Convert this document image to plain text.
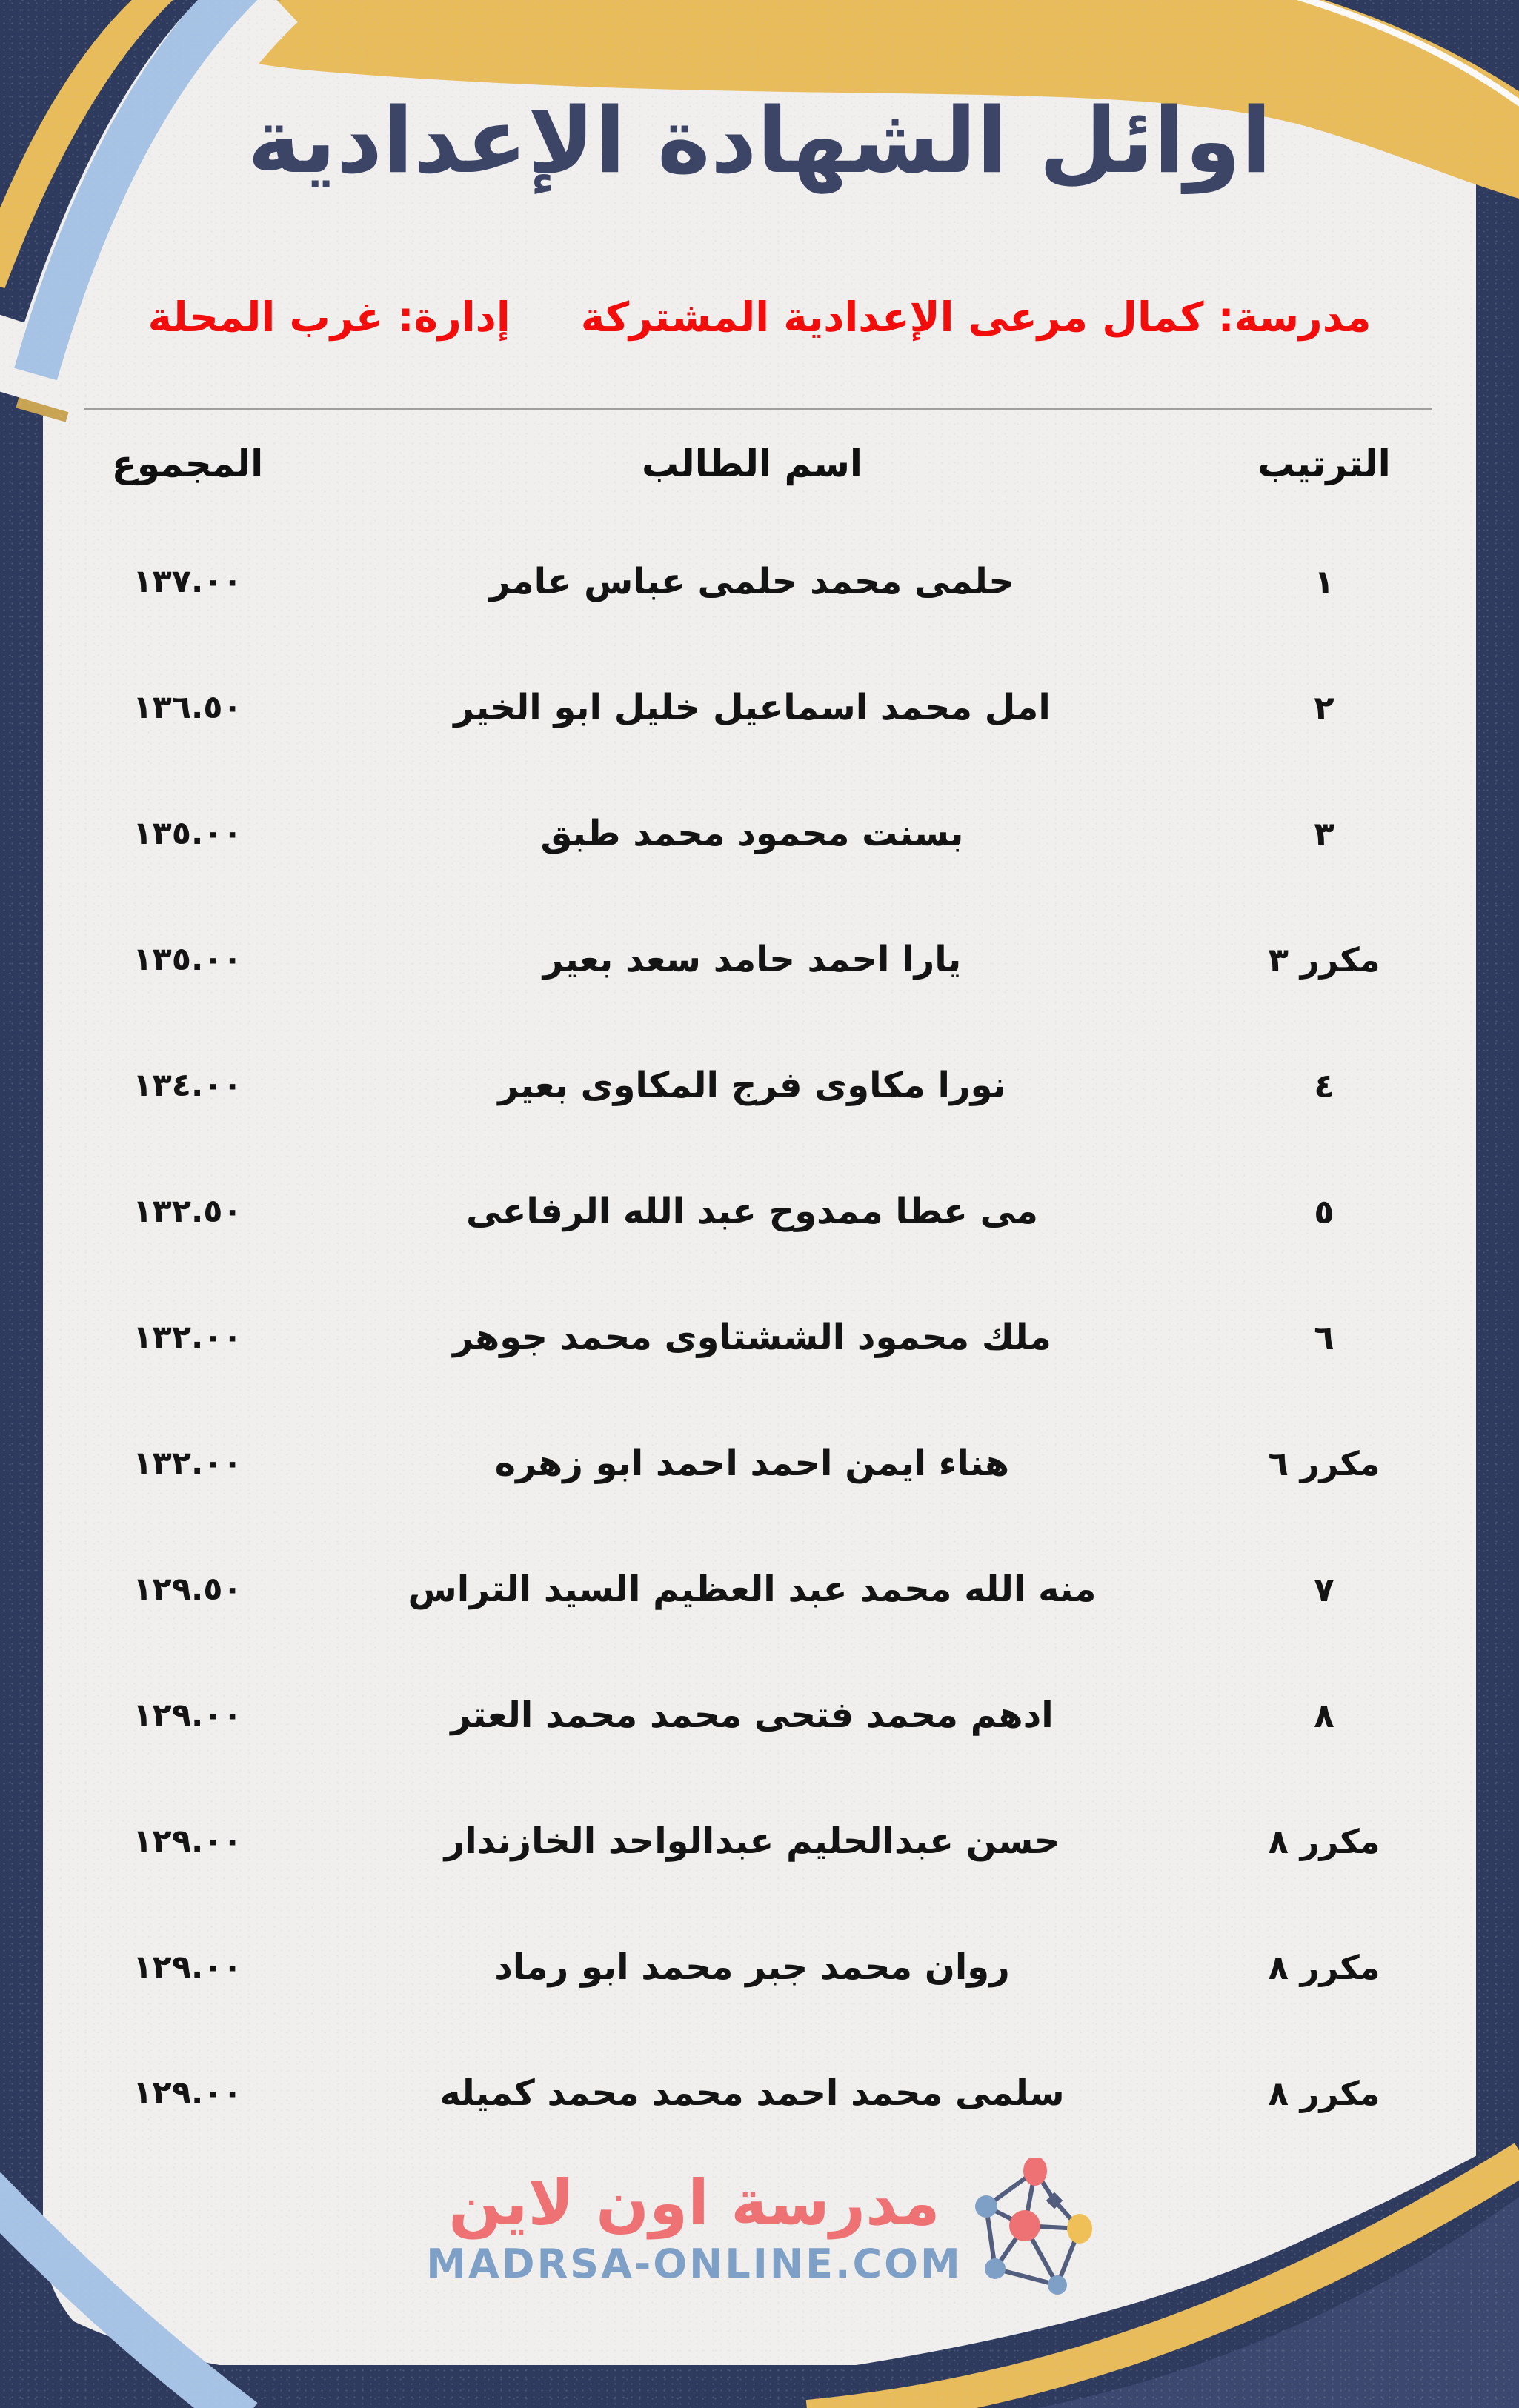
اوائل الشهادة الإعدادية
مدرسة: كمال مرعى الإعدادية المشتركة
إدارة: غرب المحلة
الترتيب
اسم الطالب
المجموع
١
حلمى محمد حلمى عباس عامر
١٣٧.٠٠
٢
امل محمد اسماعيل خليل ابو الخير
١٣٦.٥٠
٣
بسنت محمود محمد طبق
١٣٥.٠٠
مكرر ٣
يارا احمد حامد سعد بعير
١٣٥.٠٠
٤
نورا مكاوى فرج المكاوى بعير
١٣٤.٠٠
٥
مى عطا ممدوح عبد الله الرفاعى
١٣٢.٥٠
٦
ملك محمود الششتاوى محمد جوهر
١٣٢.٠٠
مكرر ٦
هناء ايمن احمد احمد ابو زهره
١٣٢.٠٠
٧
منه الله محمد عبد العظيم السيد التراس
١٢٩.٥٠
٨
ادهم محمد فتحى محمد محمد العتر
١٢٩.٠٠
مكرر ٨
حسن عبدالحليم عبدالواحد الخازندار
١٢٩.٠٠
مكرر ٨
روان محمد جبر محمد ابو رماد
١٢٩.٠٠
مكرر ٨
سلمى محمد احمد محمد محمد كميله
١٢٩.٠٠
مدرسة اون لاين
MADRSA-ONLINE.COM
